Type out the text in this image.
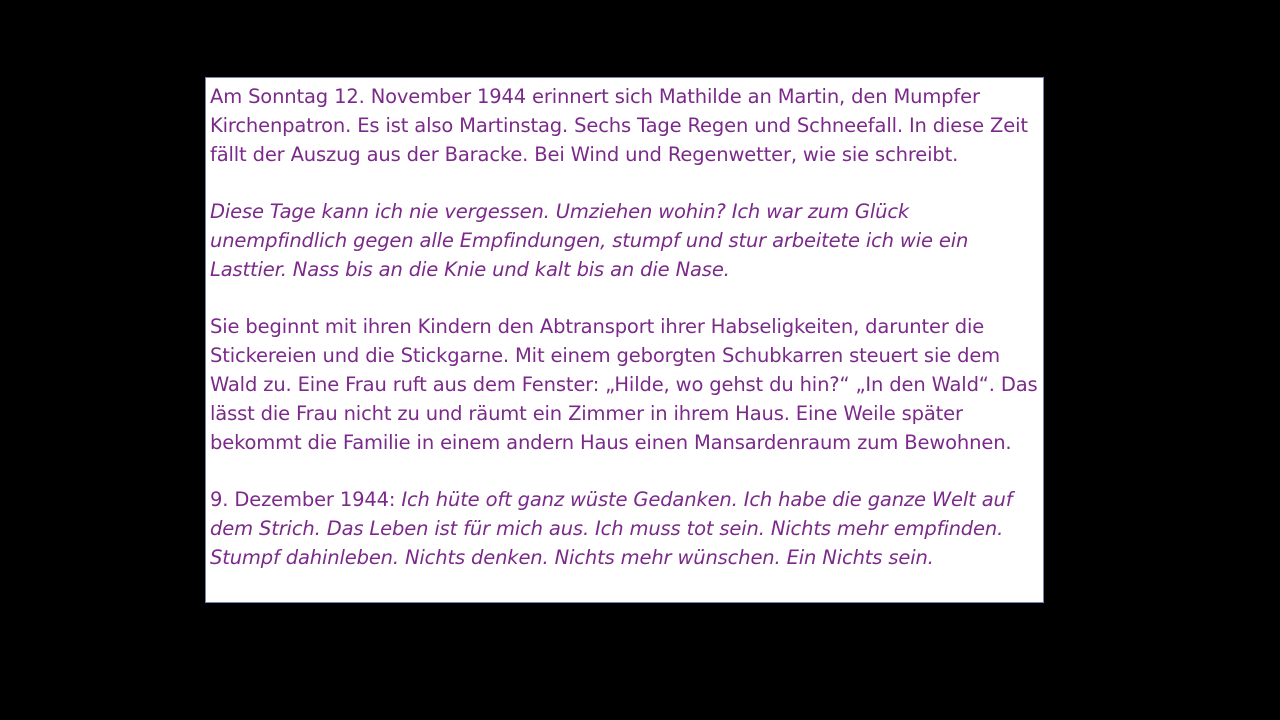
Am Sonntag 12. November 1944 erinnert sich Mathilde an Martin, den Mumpfer Kirchenpatron. Es ist also Martinstag. Sechs Tage Regen und Schneefall. In diese Zeit fällt der Auszug aus der Baracke. Bei Wind und Regenwetter, wie sie schreibt.

Diese Tage kann ich nie vergessen. Umziehen wohin? Ich war zum Glück unempfindlich gegen alle Empfindungen, stumpf und stur arbeitete ich wie ein Lasttier. Nass bis an die Knie und kalt bis an die Nase.

Sie beginnt mit ihren Kindern den Abtransport ihrer Habseligkeiten, darunter die Stickereien und die Stickgarne. Mit einem geborgten Schubkarren steuert sie dem Wald zu. Eine Frau ruft aus dem Fenster: „Hilde, wo gehst du hin?“ „In den Wald“. Das lässt die Frau nicht zu und räumt ein Zimmer in ihrem Haus. Eine Weile später bekommt die Familie in einem andern Haus einen Mansardenraum zum Bewohnen.

9. Dezember 1944: Ich hüte oft ganz wüste Gedanken. Ich habe die ganze Welt auf dem Strich. Das Leben ist für mich aus. Ich muss tot sein. Nichts mehr empfinden. Stumpf dahinleben. Nichts denken. Nichts mehr wünschen. Ein Nichts sein.
